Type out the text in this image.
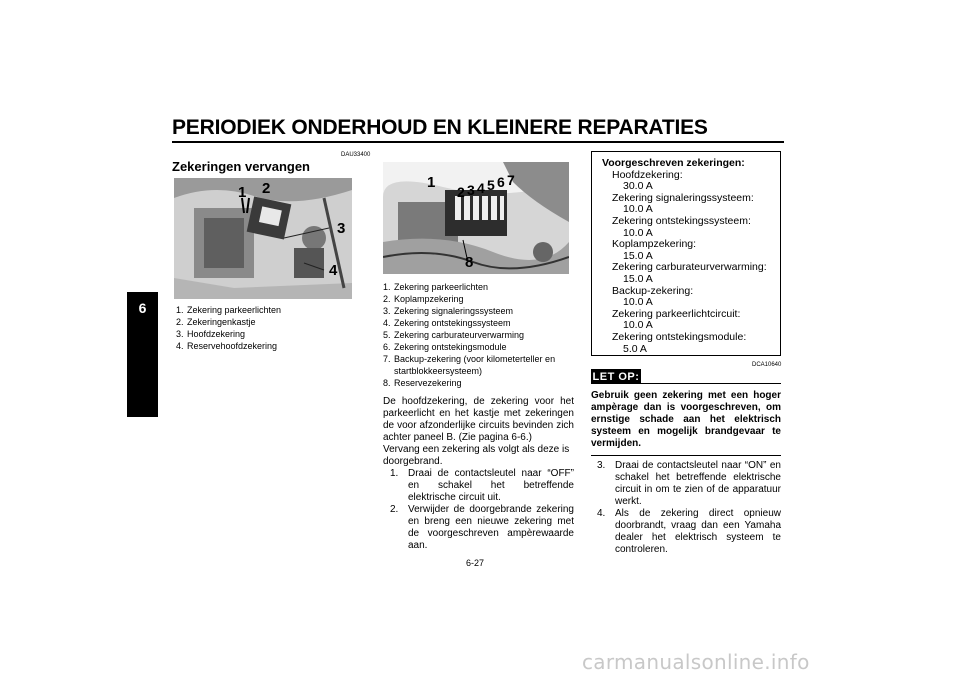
PERIODIEK ONDERHOUD EN KLEINERE REPARATIES
6
DAU33400
Zekeringen vervangen
1 2
3
4
1. Zekering parkeerlichten
2. Zekeringenkastje
3. Hoofdzekering
4. Reservehoofdzekering
1
2 3 4 5 6 7
8
1. Zekering parkeerlichten
2. Koplampzekering
3. Zekering signaleringssysteem
4. Zekering ontstekingssysteem
5. Zekering carburateurverwarming
6. Zekering ontstekingsmodule
7. Backup-zekering (voor kilometerteller en startblokkeersysteem)
8. Reservezekering
De hoofdzekering, de zekering voor het parkeerlicht en het kastje met zekeringen de voor afzonderlijke circuits bevinden zich achter paneel B. (Zie pagina 6-6.)
Vervang een zekering als volgt als deze is doorgebrand.
1. Draai de contactsleutel naar “OFF” en schakel het betreffende elektrische circuit uit.
2. Verwijder de doorgebrande zekering en breng een nieuwe zekering met de voorgeschreven ampèrewaarde aan.
Voorgeschreven zekeringen:
Hoofdzekering:
30.0 A
Zekering signaleringssysteem:
10.0 A
Zekering ontstekingssysteem:
10.0 A
Koplampzekering:
15.0 A
Zekering carburateurverwarming:
15.0 A
Backup-zekering:
10.0 A
Zekering parkeerlichtcircuit:
10.0 A
Zekering ontstekingsmodule:
5.0 A
DCA10640
LET OP:
Gebruik geen zekering met een hoger ampèrage dan is voorgeschreven, om ernstige schade aan het elektrisch systeem en mogelijk brandgevaar te vermijden.
3. Draai de contactsleutel naar “ON” en schakel het betreffende elektrische circuit in om te zien of de apparatuur werkt.
4. Als de zekering direct opnieuw doorbrandt, vraag dan een Yamaha dealer het elektrisch systeem te controleren.
6-27
carmanualsonline.info
